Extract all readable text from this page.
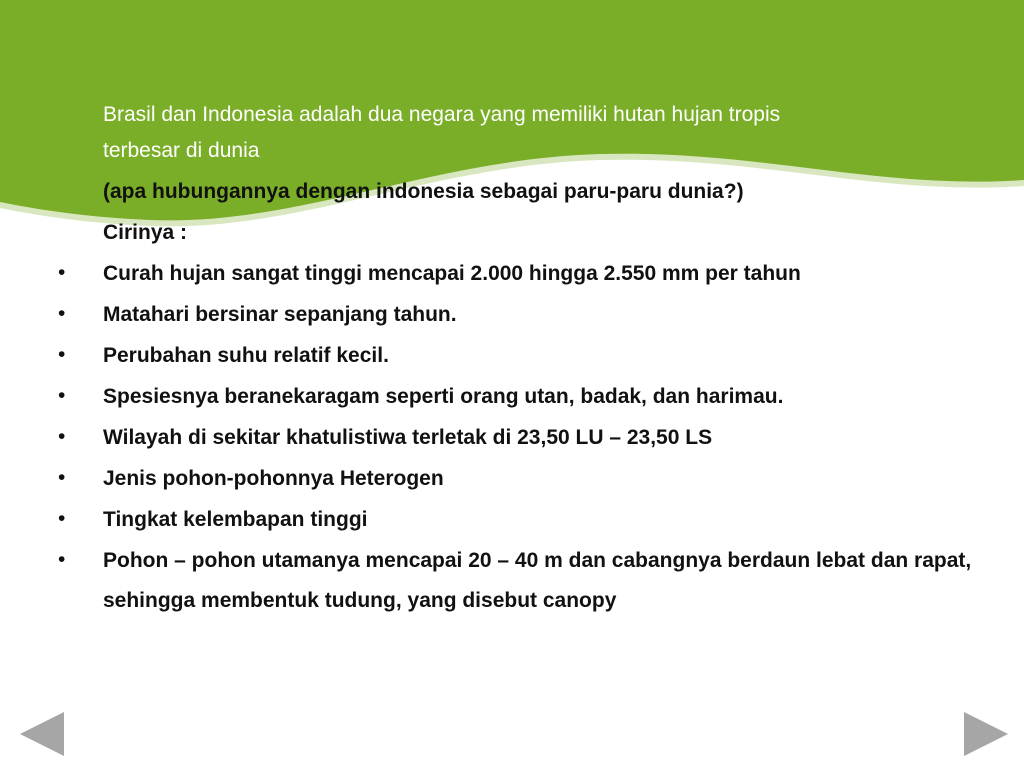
Brasil dan Indonesia adalah dua negara yang memiliki hutan hujan tropis
terbesar di dunia
(apa hubungannya dengan indonesia sebagai paru-paru dunia?)
Cirinya :
• Curah hujan sangat tinggi mencapai 2.000 hingga 2.550 mm per tahun
• Matahari bersinar sepanjang tahun.
• Perubahan suhu relatif kecil.
• Spesiesnya beranekaragam seperti orang utan, badak, dan harimau.
• Wilayah di sekitar khatulistiwa terletak di 23,50 LU – 23,50 LS
• Jenis pohon-pohonnya Heterogen
• Tingkat kelembapan tinggi
• Pohon – pohon utamanya mencapai 20 – 40 m dan cabangnya berdaun lebat dan rapat, sehingga membentuk tudung, yang disebut canopy
